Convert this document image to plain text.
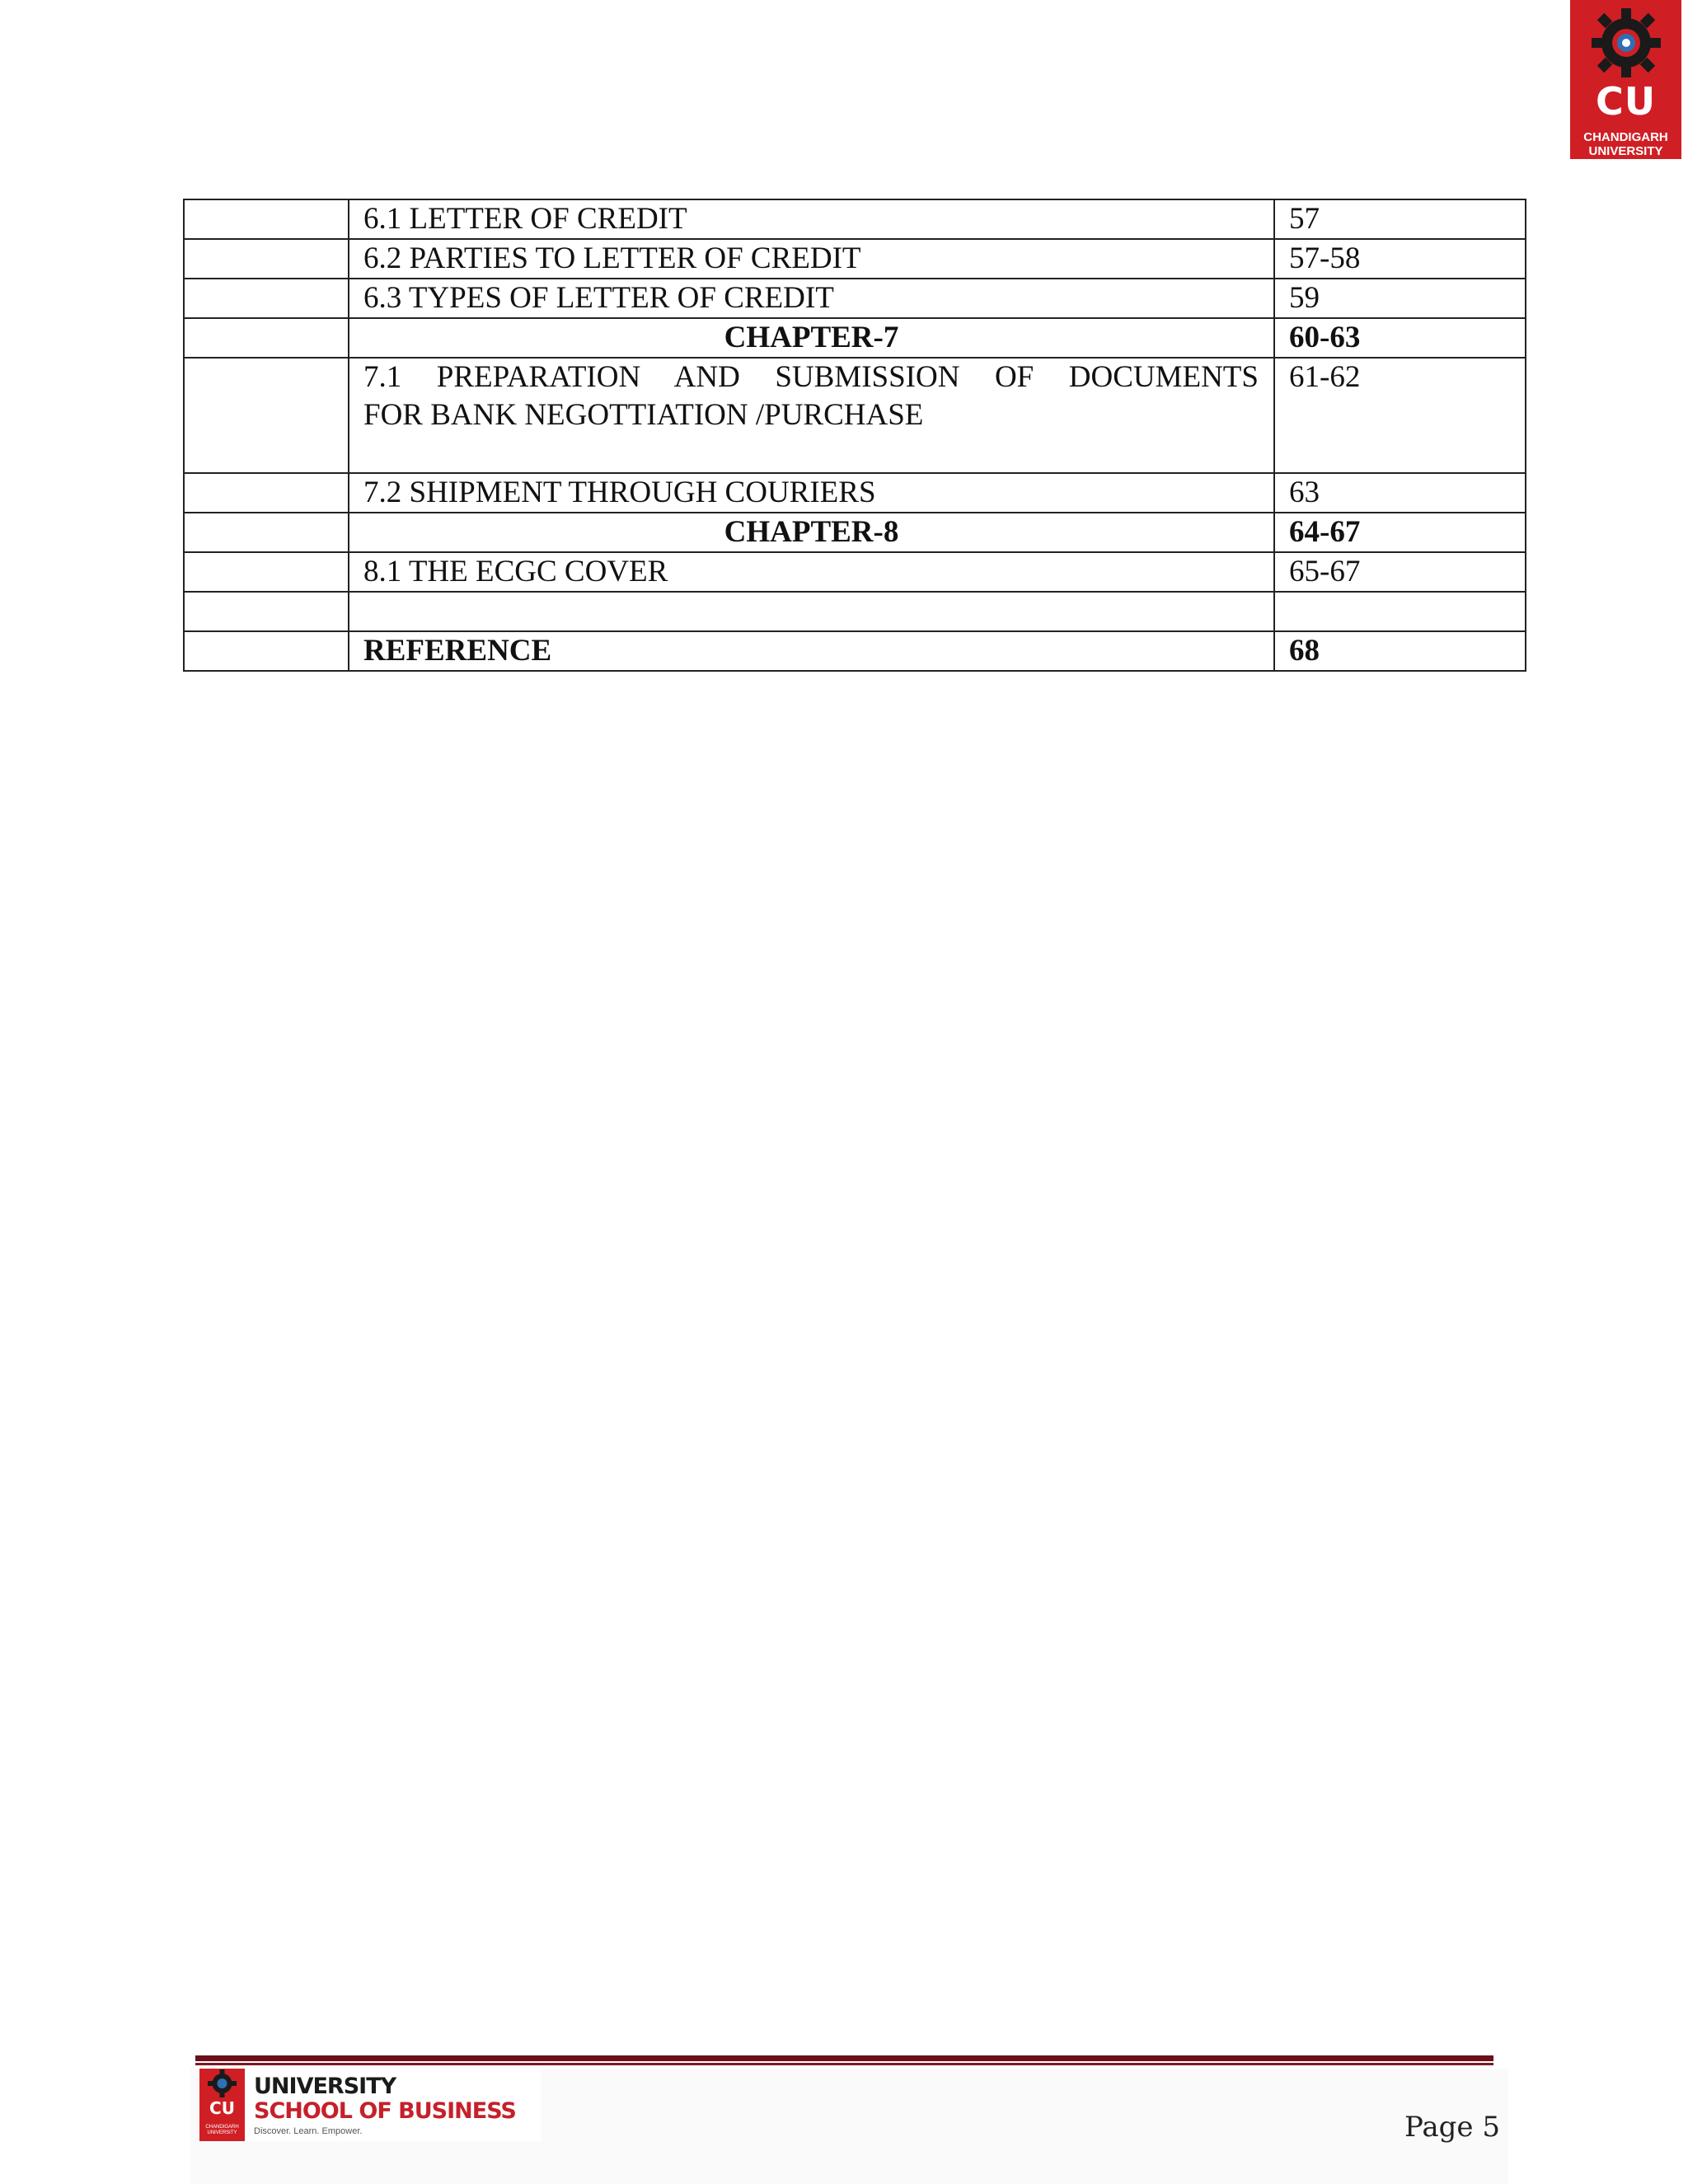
CU
CHANDIGARH
UNIVERSITY
	6.1 LETTER OF CREDIT	57
	6.2 PARTIES TO LETTER OF CREDIT	57-58
	6.3 TYPES OF LETTER OF CREDIT	59
	CHAPTER-7	60-63

	7.1 PREPARATION AND SUBMISSION OF DOCUMENTS
FOR BANK NEGOTTIATION /PURCHASE	61-62
	7.2 SHIPMENT THROUGH COURIERS	63
	CHAPTER-8	64-67
	8.1 THE ECGC COVER	65-67

	REFERENCE	68
CU
CHANDIGARH UNIVERSITY
UNIVERSITY
SCHOOL OF BUSINESS
Discover. Learn. Empower.	Page 5
